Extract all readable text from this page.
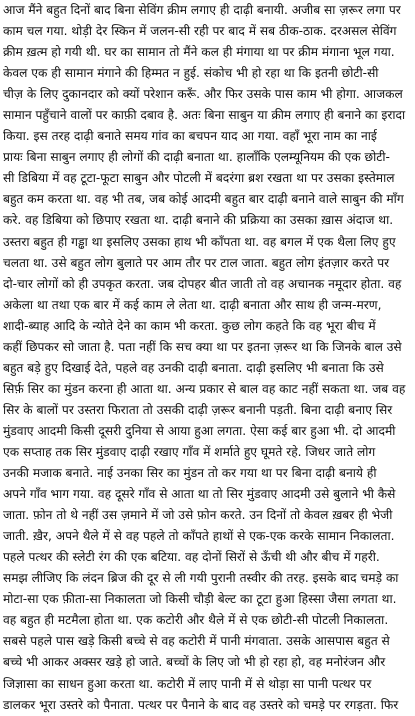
आज मैंने बहुत दिनों बाद बिना सेविंग क्रीम लगाए ही दाढ़ी बनायी. अजीब सा ज़रूर लगा पर
काम चल गया. थोड़ी देर स्किन में जलन-सी रही पर बाद में सब ठीक-ठाक. दरअसल सेविंग
क्रीम ख़त्म हो गयी थी. घर का सामान तो मैंने कल ही मंगाया था पर क्रीम मंगाना भूल गया.
केवल एक ही सामान मंगाने की हिम्मत न हुई. संकोच भी हो रहा था कि इतनी छोटी-सी
चीज़ के लिए दुकानदार को क्यों परेशान करूँ. और फिर उसके पास काम भी होगा. आजकल
सामान पहुँचाने वालों पर काफ़ी दबाव है. अतः बिना साबुन या क्रीम लगाए ही बनाने का इरादा
किया. इस तरह दाढ़ी बनाते समय गांव का बचपन याद आ गया. वहाँ भूरा नाम का नाई
प्रायः बिना साबुन लगाए ही लोगों की दाढ़ी बनाता था. हालाँकि एलम्यूनियम की एक छोटी-
सी डिबिया में वह टूटा-फूटा साबुन और पोटली में बदरंगा ब्रश रखता था पर उसका इस्तेमाल
बहुत कम करता था. वह भी तब, जब कोई आदमी बहुत बार दाढ़ी बनाने वाले साबुन की माँग
करे. वह डिबिया को छिपाए रखता था. दाढ़ी बनाने की प्रक्रिया का उसका ख़ास अंदाज था.
उस्तरा बहुत ही गड्ढा था इसलिए उसका हाथ भी काँपता था. वह बगल में एक थैला लिए हुए
चलता था. उसे बहुत लोग बुलाते पर आम तौर पर टाल जाता. बहुत लोग इंतज़ार करते पर
दो-चार लोगों को ही उपकृत करता. जब दोपहर बीत जाती तो वह अचानक नमूदार होता. वह
अकेला था तथा एक बार में कई काम ले लेता था. दाढ़ी बनाता और साथ ही जन्म-मरण,
शादी-ब्याह आदि के न्योते देने का काम भी करता. कुछ लोग कहते कि वह भूरा बीच में
कहीं छिपकर सो जाता है. पता नहीं कि सच क्या था पर इतना ज़रूर था कि जिनके बाल उसे
बहुत बड़े हुए दिखाई देते, पहले वह उनकी दाढ़ी बनाता. दाढ़ी इसलिए भी बनाता कि उसे
सिर्फ़ सिर का मुंडन करना ही आता था. अन्य प्रकार से बाल वह काट नहीं सकता था. जब वह
सिर के बालों पर उस्तरा फिराता तो उसकी दाढ़ी ज़रूर बनानी पड़ती. बिना दाढ़ी बनाए सिर
मुंडवाए आदमी किसी दूसरी दुनिया से आया हुआ लगता. ऐसा कई बार हुआ भी. दो आदमी
एक सप्ताह तक सिर मुंडवाए दाढ़ी रखाए गाँव में शर्माते हुए घूमते रहे. जिधर जाते लोग
उनकी मजाक बनाते. नाई उनका सिर का मुंडन तो कर गया था पर बिना दाढ़ी बनाये ही
अपने गाँव भाग गया. वह दूसरे गाँव से आता था तो सिर मुंडवाए आदमी उसे बुलाने भी कैसे
जाता. फ़ोन तो थे नहीं उस ज़माने में जो उसे फ़ोन करते. उन दिनों तो केवल ख़बर ही भेजी
जाती. ख़ैर, अपने थैले में से वह पहले तो काँपते हाथों से एक-एक करके सामान निकालता.
पहले पत्थर की स्लेटी रंग की एक बटिया. वह दोनों सिरों से ऊँची थी और बीच में गहरी.
समझ लीजिए कि लंदन ब्रिज की दूर से ली गयी पुरानी तस्वीर की तरह. इसके बाद चमड़े का
मोटा-सा एक फ़ीता-सा निकालता जो किसी चौड़ी बेल्ट का टूटा हुआ हिस्सा जैसा लगता था.
वह बहुत ही मटमैला होता था. एक कटोरी और थैले में से एक छोटी-सी पोटली निकालता.
सबसे पहले पास खड़े किसी बच्चे से वह कटोरी में पानी मंगवाता. उसके आसपास बहुत से
बच्चे भी आकर अक्सर खड़े हो जाते. बच्चों के लिए जो भी हो रहा हो, वह मनोरंजन और
जिज्ञासा का साधन हुआ करता था. कटोरी में लाए पानी में से थोड़ा सा पानी पत्थर पर
डालकर भूरा उस्तरे को पैनाता. पत्थर पर पैनाने के बाद वह उस्तरे को चमड़े पर रगड़ता. फिर
